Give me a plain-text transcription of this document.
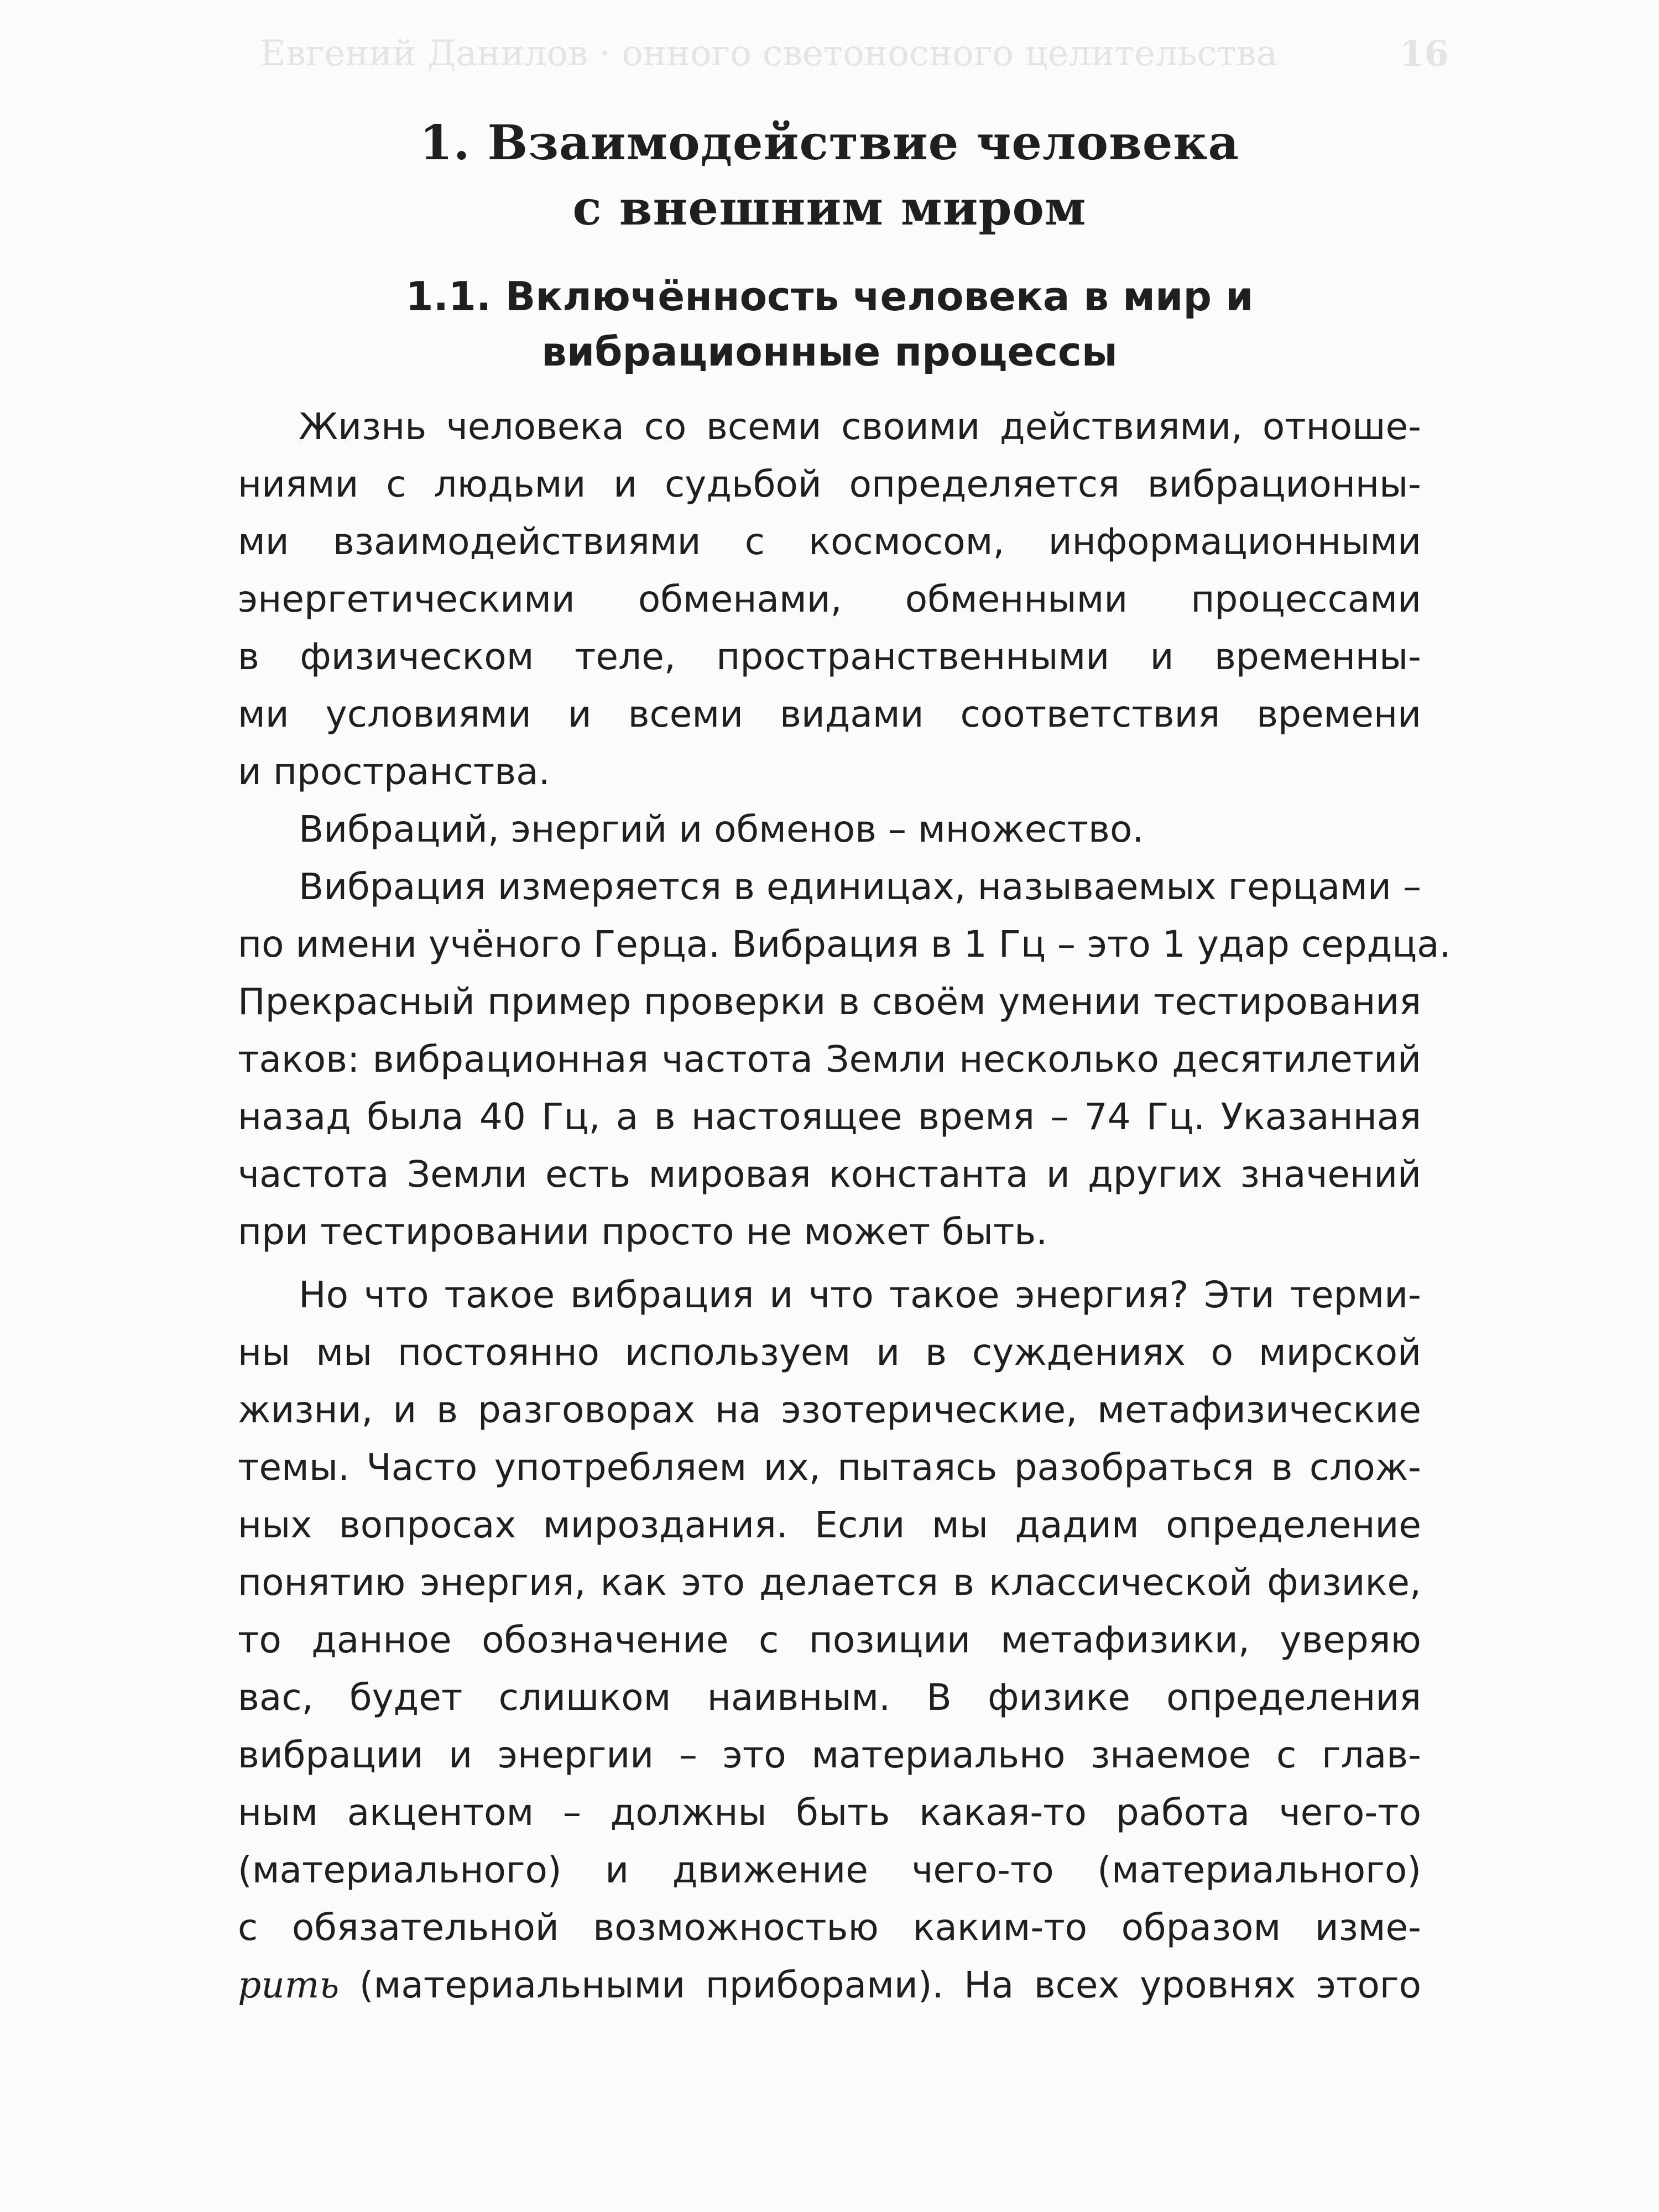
Евгений Данилов · онного светоносного целительства	16
1. Взаимодействие человека
с внешним миром
1.1. Включённость человека в мир и
вибрационные процессы

Жизнь человека со всеми своими действиями, отноше-
ниями с людьми и судьбой определяется вибрационны-
ми взаимодействиями с космосом, информационными
энергетическими обменами, обменными процессами
в физическом теле, пространственными и временны-
ми условиями и всеми видами соответствия времени
и пространства.

Вибраций, энергий и обменов – множество.

Вибрация измеряется в единицах, называемых герцами –
по имени учёного Герца. Вибрация в 1 Гц – это 1 удар сердца.
Прекрасный пример проверки в своём умении тестирования
таков: вибрационная частота Земли несколько десятилетий
назад была 40 Гц, а в настоящее время – 74 Гц. Указанная
частота Земли есть мировая константа и других значений
при тестировании просто не может быть.

Но что такое вибрация и что такое энергия? Эти терми-
ны мы постоянно используем и в суждениях о мирской
жизни, и в разговорах на эзотерические, метафизические
темы. Часто употребляем их, пытаясь разобраться в слож-
ных вопросах мироздания. Если мы дадим определение
понятию энергия, как это делается в классической физике,
то данное обозначение с позиции метафизики, уверяю
вас, будет слишком наивным. В физике определения
вибрации и энергии – это материально знаемое с глав-
ным акцентом – должны быть какая-то работа чего-то
(материального) и движение чего-то (материального)
с обязательной возможностью каким-то образом изме-
рить (материальными приборами). На всех уровнях этого
